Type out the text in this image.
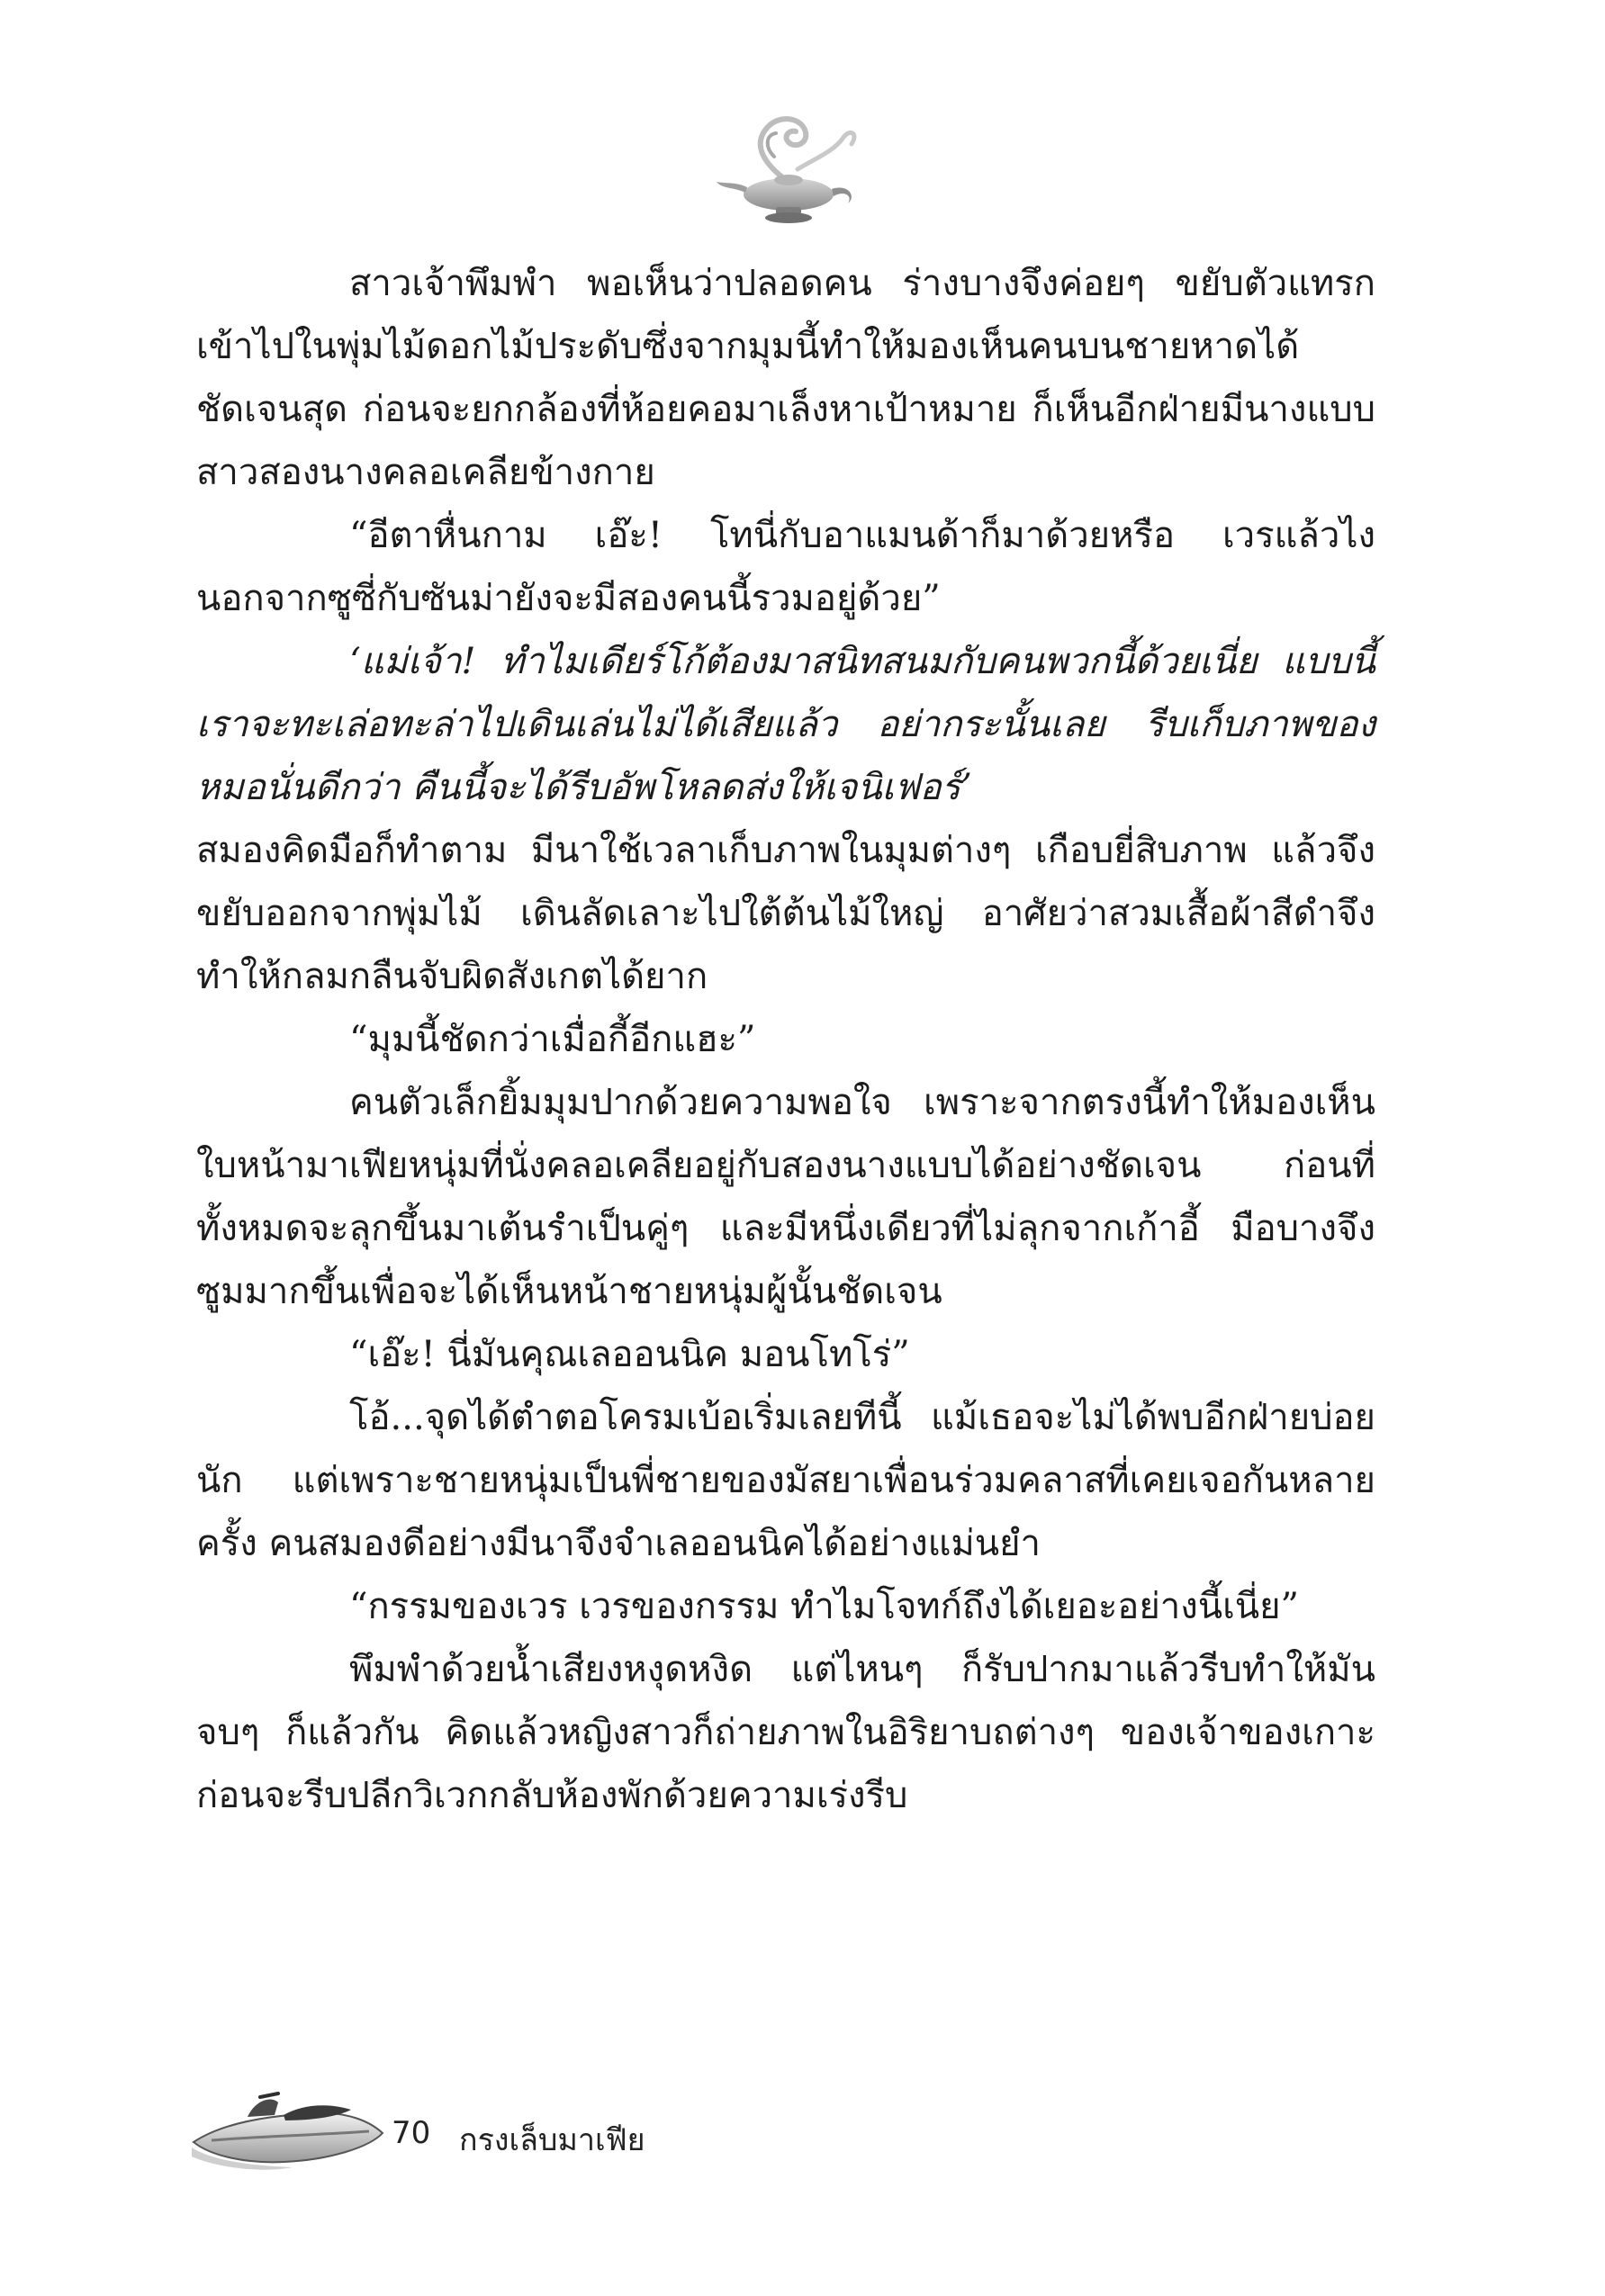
สาวเจ้าพึมพำ พอเห็นว่าปลอดคน ร่างบางจึงค่อยๆ ขยับตัวแทรกเข้าไปในพุ่มไม้ดอกไม้ประดับซึ่งจากมุมนี้ทำให้มองเห็นคนบนชายหาดได้ชัดเจนสุด ก่อนจะยกกล้องที่ห้อยคอมาเล็งหาเป้าหมาย ก็เห็นอีกฝ่ายมีนางแบบสาวสองนางคลอเคลียข้างกาย

“อีตาหื่นกาม เอ๊ะ! โทนี่กับอาแมนด้าก็มาด้วยหรือ เวรแล้วไง นอกจากซูซี่กับซันม่ายังจะมีสองคนนี้รวมอยู่ด้วย”

‘แม่เจ้า! ทำไมเดียร์โก้ต้องมาสนิทสนมกับคนพวกนี้ด้วยเนี่ย แบบนี้เราจะทะเล่อทะล่าไปเดินเล่นไม่ได้เสียแล้ว อย่ากระนั้นเลย รีบเก็บภาพของหมอนั่นดีกว่า คืนนี้จะได้รีบอัพโหลดส่งให้เจนิเฟอร์’

สมองคิดมือก็ทำตาม มีนาใช้เวลาเก็บภาพในมุมต่างๆ เกือบยี่สิบภาพ แล้วจึงขยับออกจากพุ่มไม้ เดินลัดเลาะไปใต้ต้นไม้ใหญ่ อาศัยว่าสวมเสื้อผ้าสีดำจึงทำให้กลมกลืนจับผิดสังเกตได้ยาก

“มุมนี้ชัดกว่าเมื่อกี้อีกแฮะ”

คนตัวเล็กยิ้มมุมปากด้วยความพอใจ เพราะจากตรงนี้ทำให้มองเห็นใบหน้ามาเฟียหนุ่มที่นั่งคลอเคลียอยู่กับสองนางแบบได้อย่างชัดเจน ก่อนที่ทั้งหมดจะลุกขึ้นมาเต้นรำเป็นคู่ๆ และมีหนึ่งเดียวที่ไม่ลุกจากเก้าอี้ มือบางจึงซูมมากขึ้นเพื่อจะได้เห็นหน้าชายหนุ่มผู้นั้นชัดเจน

“เอ๊ะ! นี่มันคุณเลออนนิค มอนโทโร่”

โอ้...จุดได้ตำตอโครมเบ้อเริ่มเลยทีนี้ แม้เธอจะไม่ได้พบอีกฝ่ายบ่อยนัก แต่เพราะชายหนุ่มเป็นพี่ชายของมัสยาเพื่อนร่วมคลาสที่เคยเจอกันหลายครั้ง คนสมองดีอย่างมีนาจึงจำเลออนนิคได้อย่างแม่นยำ

“กรรมของเวร เวรของกรรม ทำไมโจทก์ถึงได้เยอะอย่างนี้เนี่ย”

พึมพำด้วยน้ำเสียงหงุดหงิด แต่ไหนๆ ก็รับปากมาแล้วรีบทำให้มันจบๆ ก็แล้วกัน คิดแล้วหญิงสาวก็ถ่ายภาพในอิริยาบถต่างๆ ของเจ้าของเกาะ ก่อนจะรีบปลีกวิเวกกลับห้องพักด้วยความเร่งรีบ

70 กรงเล็บมาเฟีย
